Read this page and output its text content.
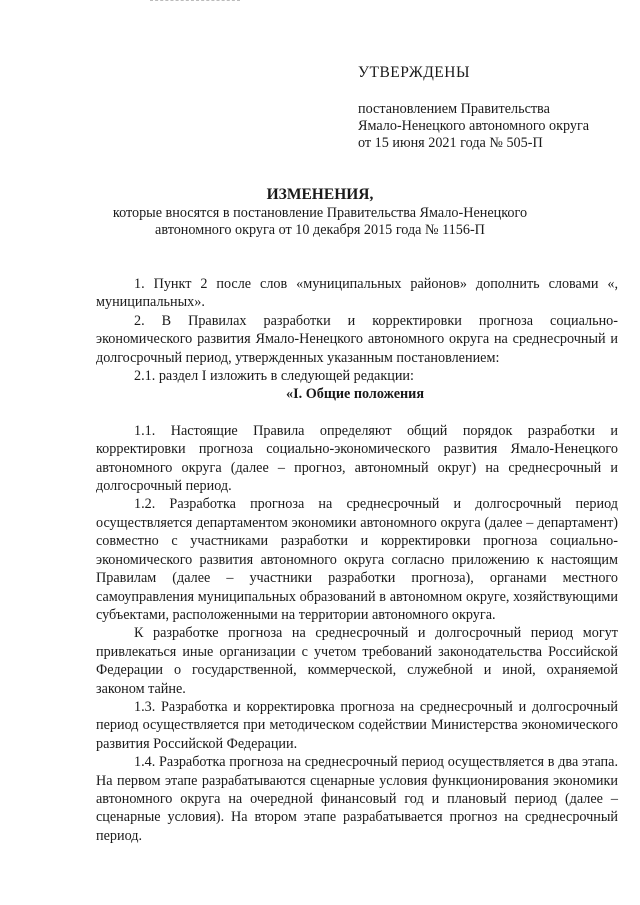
УТВЕРЖДЕНЫ
постановлением Правительства
Ямало-Ненецкого автономного округа
от 15 июня 2021 года № 505-П
ИЗМЕНЕНИЯ,
которые вносятся в постановление Правительства Ямало-Ненецкого
автономного округа от 10 декабря 2015 года № 1156-П

1. Пункт 2 после слов «муниципальных районов» дополнить словами «, муниципальных».

2. В Правилах разработки и корректировки прогноза социально-экономического развития Ямало-Ненецкого автономного округа на среднесрочный и долгосрочный период, утвержденных указанным постановлением:

2.1. раздел I изложить в следующей редакции:

«I. Общие положения

1.1. Настоящие Правила определяют общий порядок разработки и корректировки прогноза социально-экономического развития Ямало-Ненецкого автономного округа (далее – прогноз, автономный округ) на среднесрочный и долгосрочный период.

1.2. Разработка прогноза на среднесрочный и долгосрочный период осуществляется департаментом экономики автономного округа (далее – департамент) совместно с участниками разработки и корректировки прогноза социально-экономического развития автономного округа согласно приложению к настоящим Правилам (далее – участники разработки прогноза), органами местного самоуправления муниципальных образований в автономном округе, хозяйствующими субъектами, расположенными на территории автономного округа.

К разработке прогноза на среднесрочный и долгосрочный период могут привлекаться иные организации с учетом требований законодательства Российской Федерации о государственной, коммерческой, служебной и иной, охраняемой законом тайне.

1.3. Разработка и корректировка прогноза на среднесрочный и долгосрочный период осуществляется при методическом содействии Министерства экономического развития Российской Федерации.

1.4. Разработка прогноза на среднесрочный период осуществляется в два этапа. На первом этапе разрабатываются сценарные условия функционирования экономики автономного округа на очередной финансовый год и плановый период (далее – сценарные условия). На втором этапе разрабатывается прогноз на среднесрочный период.
